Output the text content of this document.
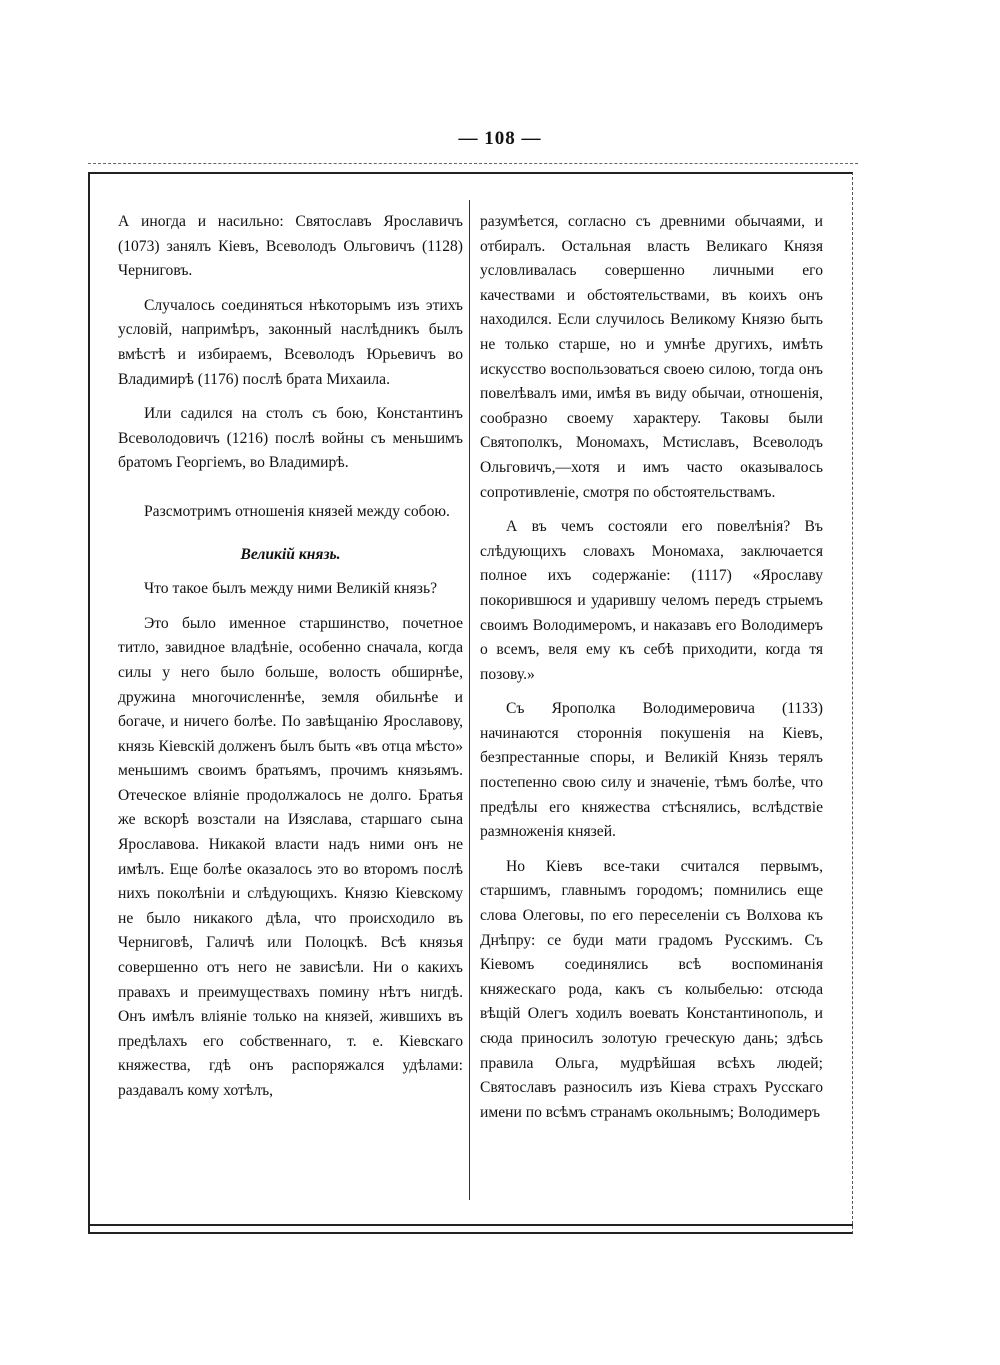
— 108 —

А иногда и насильно: Святославъ Ярославичъ (1073) занялъ Кіевъ, Всеволодъ Ольговичъ (1128) Черниговъ.

Случалось соединяться нѣкоторымъ изъ этихъ условій, напримѣръ, законный наслѣдникъ былъ вмѣстѣ и избираемъ, Всеволодъ Юрьевичъ во Владимирѣ (1176) послѣ брата Михаила.

Или садился на столъ съ бою, Константинъ Всеволодовичъ (1216) послѣ войны съ меньшимъ братомъ Георгіемъ, во Владимирѣ.

Разсмотримъ отношенія князей между собою.

Великій князь.

Что такое былъ между ними Великій князь?

Это было именное старшинство, почетное титло, завидное владѣніе, особенно сначала, когда силы у него было больше, волость обширнѣе, дружина многочисленнѣе, земля обильнѣе и богаче, и ничего болѣе. По завѣщанію Ярославову, князь Кіевскій долженъ былъ быть «въ отца мѣсто» меньшимъ своимъ братьямъ, прочимъ князьямъ. Отеческое вліяніе продолжалось не долго. Братья же вскорѣ возстали на Изяслава, старшаго сына Ярославова. Никакой власти надъ ними онъ не имѣлъ. Еще болѣе оказалось это во второмъ послѣ нихъ поколѣніи и слѣдующихъ. Князю Кіевскому не было никакого дѣла, что происходило въ Черниговѣ, Галичѣ или Полоцкѣ. Всѣ князья совершенно отъ него не зависѣли. Ни о какихъ правахъ и преимуществахъ помину нѣтъ нигдѣ. Онъ имѣлъ вліяніе только на князей, жившихъ въ предѣлахъ его собственнаго, т. е. Кіевскаго княжества, гдѣ онъ распоряжался удѣлами: раздавалъ кому хотѣлъ,

разумѣется, согласно съ древними обычаями, и отбиралъ. Остальная власть Великаго Князя условливалась совершенно личными его качествами и обстоятельствами, въ коихъ онъ находился. Если случилось Великому Князю быть не только старше, но и умнѣе другихъ, имѣть искусство воспользоваться своею силою, тогда онъ повелѣвалъ ими, имѣя въ виду обычаи, отношенія, сообразно своему характеру. Таковы были Святополкъ, Мономахъ, Мстиславъ, Всеволодъ Ольговичъ,—хотя и имъ часто оказывалось сопротивленіе, смотря по обстоятельствамъ.

А въ чемъ состояли его повелѣнія? Въ слѣдующихъ словахъ Мономаха, заключается полное ихъ содержаніе: (1117) «Ярославу покорившюся и ударившу челомъ передъ стрыемъ своимъ Володимеромъ, и наказавъ его Володимеръ о всемъ, веля ему къ себѣ приходити, когда тя позову.»

Съ Ярополка Володимеровича (1133) начинаются стороннія покушенія на Кіевъ, безпрестанные споры, и Великій Князь терялъ постепенно свою силу и значеніе, тѣмъ болѣе, что предѣлы его княжества стѣснялись, вслѣдствіе размноженія князей.

Но Кіевъ все-таки считался первымъ, старшимъ, главнымъ городомъ; помнились еще слова Олеговы, по его переселеніи съ Волхова къ Днѣпру: се буди мати градомъ Русскимъ. Съ Кіевомъ соединялись всѣ воспоминанія княжескаго рода, какъ съ колыбелью: отсюда вѣщій Олегъ ходилъ воевать Константинополь, и сюда приносилъ золотую греческую дань; здѣсь правила Ольга, мудрѣйшая всѣхъ людей; Святославъ разносилъ изъ Кіева страхъ Русскаго имени по всѣмъ странамъ окольнымъ; Володимеръ
